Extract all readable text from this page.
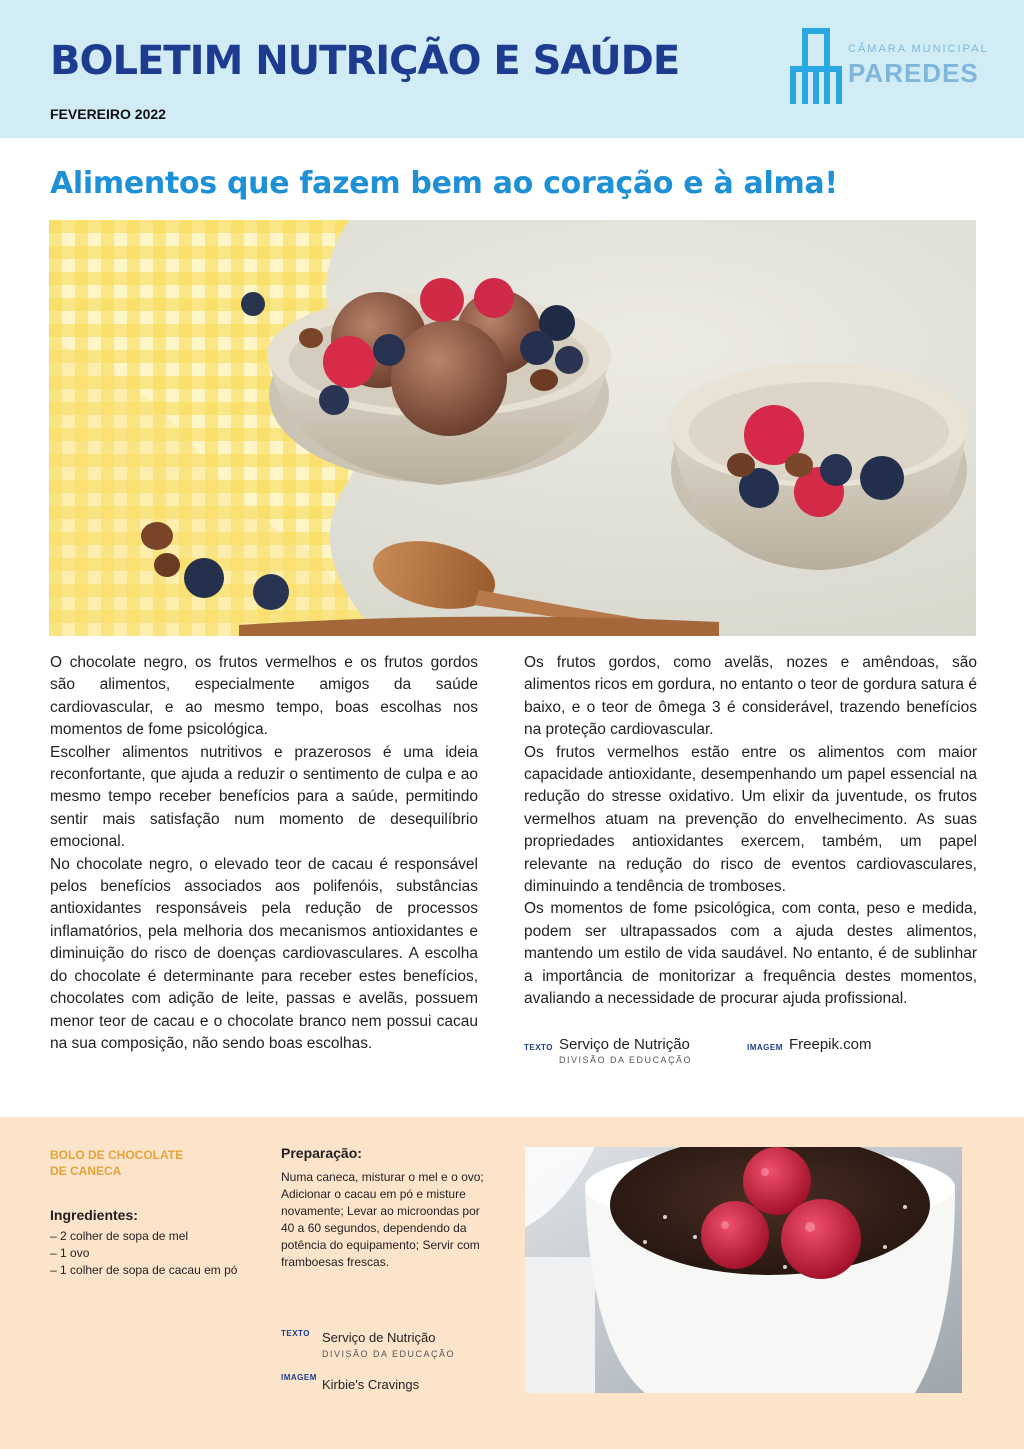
BOLETIM NUTRIÇÃO E SAÚDE
FEVEREIRO 2022
CÂMARA MUNICIPAL
PAREDES
Alimentos que fazem bem ao coração e à alma!

O chocolate negro, os frutos vermelhos e os frutos gordos são alimentos, especialmente amigos da saúde cardiovascular, e ao mesmo tempo, boas escolhas nos momentos de fome psicológica.

Escolher alimentos nutritivos e prazerosos é uma ideia reconfortante, que ajuda a reduzir o sentimento de culpa e ao mesmo tempo receber benefícios para a saúde, permitindo sentir mais satisfação num momento de desequilíbrio emocional.

No chocolate negro, o elevado teor de cacau é responsável pelos benefícios associados aos polifenóis, substâncias antioxidantes responsáveis pela redução de processos inflamatórios, pela melhoria dos mecanismos antioxidantes e diminuição do risco de doenças cardiovasculares. A escolha do chocolate é determinante para receber estes benefícios, chocolates com adição de leite, passas e avelãs, possuem menor teor de cacau e o chocolate branco nem possui cacau na sua composição, não sendo boas escolhas.

Os frutos gordos, como avelãs, nozes e amêndoas, são alimentos ricos em gordura, no entanto o teor de gordura satura é baixo, e o teor de ômega 3 é considerável, trazendo benefícios na proteção cardiovascular.

Os frutos vermelhos estão entre os alimentos com maior capacidade antioxidante, desempenhando um papel essencial na redução do stresse oxidativo. Um elixir da juventude, os frutos vermelhos atuam na prevenção do envelhecimento. As suas propriedades antioxidantes exercem, também, um papel relevante na redução do risco de eventos cardiovasculares, diminuindo a tendência de tromboses.

Os momentos de fome psicológica, com conta, peso e medida, podem ser ultrapassados com a ajuda destes alimentos, mantendo um estilo de vida saudável. No entanto, é de sublinhar a importância de monitorizar a frequência destes momentos, avaliando a necessidade de procurar ajuda profissional.

TEXTO Serviço de Nutrição
DIVISÃO DA EDUCAÇÃO
IMAGEM Freepik.com
BOLO DE CHOCOLATE
DE CANECA
Ingredientes:
– 2 colher de sopa de mel
– 1 ovo
– 1 colher de sopa de cacau em pó
Preparação:
Numa caneca, misturar o mel e o ovo; Adicionar o cacau em pó e misture novamente; Levar ao microondas por 40 a 60 segundos, dependendo da potência do equipamento; Servir com framboesas frescas.
TEXTO Serviço de Nutrição
DIVISÃO DA EDUCAÇÃO
IMAGEM Kirbie's Cravings
